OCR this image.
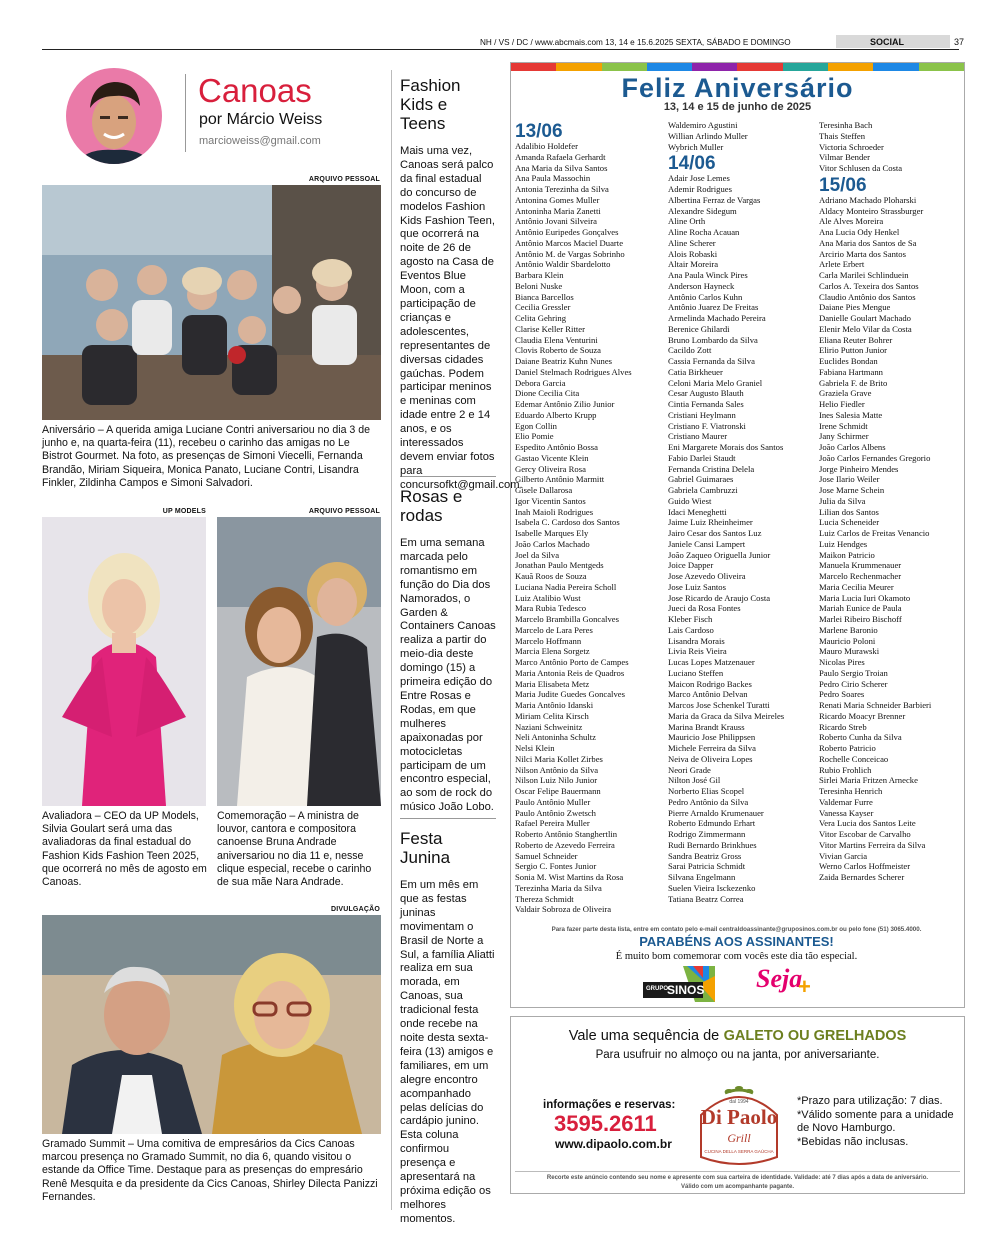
NH / VS / DC / www.abcmais.com 13, 14 e 15.6.2025 SEXTA, SÁBADO E DOMINGO	SOCIAL	37
Canoas
por Márcio Weiss
marcioweiss@gmail.com
ARQUIVO PESSOAL
Aniversário – A querida amiga Luciane Contri aniversariou no dia 3 de junho e, na quarta-feira (11), recebeu o carinho das amigas no Le Bistrot Gourmet. Na foto, as presenças de Simoni Viecelli, Fernanda Brandão, Miriam Siqueira, Monica Panato, Luciane Contri, Lisandra Finkler, Zildinha Campos e Simoni Salvadori.
UP MODELS
Avaliadora – CEO da UP Models, Silvia Goulart será uma das avaliadoras da final estadual do Fashion Kids Fashion Teen 2025, que ocorrerá no mês de agosto em Canoas.
ARQUIVO PESSOAL
Comemoração – A ministra de louvor, cantora e compositora canoense Bruna Andrade aniversariou no dia 11 e, nesse clique especial, recebe o carinho de sua mãe Nara Andrade.
DIVULGAÇÃO
Gramado Summit – Uma comitiva de empresários da Cics Canoas marcou presença no Gramado Summit, no dia 6, quando visitou o estande da Office Time. Destaque para as presenças do empresário Renê Mesquita e da presidente da Cics Canoas, Shirley Dilecta Panizzi Fernandes.
Fashion Kids e Teens
Mais uma vez, Canoas será palco da final estadual do concurso de modelos Fashion Kids Fashion Teen, que ocorrerá na noite de 26 de agosto na Casa de Eventos Blue Moon, com a participação de crianças e adolescentes, representantes de diversas cidades gaúchas. Podem participar meninos e meninas com idade entre 2 e 14 anos, e os interessados devem enviar fotos para concursofkt@gmail.com.
Rosas e rodas
Em uma semana marcada pelo romantismo em função do Dia dos Namorados, o Garden & Containers Canoas realiza a partir do meio-dia deste domingo (15) a primeira edição do Entre Rosas e Rodas, em que mulheres apaixonadas por motocicletas participam de um encontro especial, ao som de rock do músico João Lobo.
Festa Junina
Em um mês em que as festas juninas movimentam o Brasil de Norte a Sul, a família Aliatti realiza em sua morada, em Canoas, sua tradicional festa onde recebe na noite desta sexta-feira (13) amigos e familiares, em um alegre encontro acompanhado pelas delícias do cardápio junino. Esta coluna confirmou presença e apresentará na próxima edição os melhores momentos.
Feliz Aniversário
13, 14 e 15 de junho de 2025
13/06
Adalibio Holdefer
Amanda Rafaela Gerhardt
Ana Maria da Silva Santos
Ana Paula Massochin
Antonia Terezinha da Silva
Antonina Gomes Muller
Antoninha Maria Zanetti
Antônio Jovani Silveira
Antônio Euripedes Gonçalves
Antônio Marcos Maciel Duarte
Antônio M. de Vargas Sobrinho
Antônio Waldir Sbardelotto
Barbara Klein
Beloni Nuske
Bianca Barcellos
Cecilia Gressler
Celita Gehring
Clarise Keller Ritter
Claudia Elena Venturini
Clovis Roberto de Souza
Daiane Beatriz Kuhn Nunes
Daniel Stelmach Rodrigues Alves
Debora Garcia
Dione Cecilia Cita
Edemar Antônio Zilio Junior
Eduardo Alberto Krupp
Egon Collin
Elio Pomie
Espedito Antônio Bossa
Gastao Vicente Klein
Gercy Oliveira Rosa
Gilberto Antônio Marmitt
Gisele Dallarosa
Igor Vicentin Santos
Inah Maioli Rodrigues
Isabela C. Cardoso dos Santos
Isabelle Marques Ely
João Carlos Machado
Joel da Silva
Jonathan Paulo Mentgeds
Kauã Roos de Souza
Luciana Nadia Pereira Scholl
Luiz Atalibio Wust
Mara Rubia Tedesco
Marcelo Brambilla Goncalves
Marcelo de Lara Peres
Marcelo Hoffmann
Marcia Elena Sorgetz
Marco Antônio Porto de Campes
Maria Antonia Reis de Quadros
Maria Elisabeta Metz
Maria Judite Guedes Goncalves
Maria Antônio Idanski
Miriam Celita Kirsch
Naziani Schweinitz
Neli Antoninha Schultz
Nelsi Klein
Nilci Maria Kollet Zirbes
Nilson Antônio da Silva
Nilson Luiz Nilo Junior
Oscar Felipe Bauermann
Paulo Antônio Muller
Paulo Antônio Zwetsch
Rafael Pereira Muller
Roberto Antônio Stanghertlin
Roberto de Azevedo Ferreira
Samuel Schneider
Sergio C. Fontes Junior
Sonia M. Wist Martins da Rosa
Terezinha Maria da Silva
Thereza Schmidt
Valdair Sobroza de Oliveira
Waldemiro Agustini
Willian Arlindo Muller
Wybrich Muller
14/06
Adair Jose Lemes
Ademir Rodrigues
Albertina Ferraz de Vargas
Alexandre Sidegum
Aline Orth
Aline Rocha Acauan
Aline Scherer
Alois Robaski
Altair Moreira
Ana Paula Winck Pires
Anderson Hayneck
Antônio Carlos Kuhn
Antônio Juarez De Freitas
Armelinda Machado Pereira
Berenice Ghilardi
Bruno Lombardo da Silva
Cacildo Zott
Cassia Fernanda da Silva
Catia Birkheuer
Celoni Maria Melo Graniel
Cesar Augusto Blauth
Cintia Fernanda Sales
Cristiani Heylmann
Cristiano F. Viatronski
Cristiano Maurer
Eni Margarete Morais dos Santos
Fabio Darlei Staudt
Fernanda Cristina Delela
Gabriel Guimaraes
Gabriela Cambruzzi
Guido Wiest
Idaci Meneghetti
Jaime Luiz Rheinheimer
Jairo Cesar dos Santos Luz
Janiele Cansi Lampert
João Zaqueo Origuella Junior
Joice Dapper
Jose Azevedo Oliveira
Jose Luiz Santos
Jose Ricardo de Araujo Costa
Jueci da Rosa Fontes
Kleber Fisch
Lais Cardoso
Lisandra Morais
Livia Reis Vieira
Lucas Lopes Matzenauer
Luciano Steffen
Maicon Rodrigo Backes
Marco Antônio Delvan
Marcos Jose Schenkel Turatti
Maria da Graca da Silva Meireles
Marina Brandt Krauss
Mauricio Jose Philippsen
Michele Ferreira da Silva
Neiva de Oliveira Lopes
Neori Grade
Nilton José Gil
Norberto Elias Scopel
Pedro Antônio da Silva
Pierre Arnaldo Krumenauer
Roberto Edmundo Erhart
Rodrigo Zimmermann
Rudi Bernardo Brinkhues
Sandra Beatriz Gross
Sarai Patricia Schmidt
Silvana Engelmann
Suelen Vieira Isckezenko
Tatiana Beatrz Correa
Teresinha Bach
Thais Steffen
Victoria Schroeder
Vilmar Bender
Vitor Schlusen da Costa
15/06
Adriano Machado Ploharski
Aldacy Monteiro Strassburger
Ale Alves Moreira
Ana Lucia Ody Henkel
Ana Maria dos Santos de Sa
Arcirio Marta dos Santos
Arlete Erbert
Carla Marilei Schlinduein
Carlos A. Texeira dos Santos
Claudio Antônio dos Santos
Daiane Pies Mengue
Danielle Goulart Machado
Elenir Melo Vilar da Costa
Eliana Reuter Bohrer
Elirio Putton Junior
Euclides Bondan
Fabiana Hartmann
Gabriela F. de Brito
Graziela Grave
Helio Fiedler
Ines Salesia Matte
Irene Schmidt
Jany Schirmer
João Carlos Albens
João Carlos Fernandes Gregorio
Jorge Pinheiro Mendes
Jose Ilario Weiler
Jose Marne Schein
Julia da Silva
Lilian dos Santos
Lucia Scheneider
Luiz Carlos de Freitas Venancio
Luiz Hendges
Maikon Patricio
Manuela Krummenauer
Marcelo Rechenmacher
Maria Cecilia Meurer
Maria Lucia Iuri Okamoto
Mariah Eunice de Paula
Marlei Ribeiro Bischoff
Marlene Baronio
Mauricio Poloni
Mauro Murawski
Nicolas Pires
Paulo Sergio Troian
Pedro Cirio Scherer
Pedro Soares
Renati Maria Schneider Barbieri
Ricardo Moacyr Brenner
Ricardo Streb
Roberto Cunha da Silva
Roberto Patricio
Rochelle Conceicao
Rubio Frohlich
Sirlei Maria Fritzen Arnecke
Teresinha Henrich
Valdemar Furre
Vanessa Kayser
Vera Lucia dos Santos Leite
Vitor Escobar de Carvalho
Vitor Martins Ferreira da Silva
Vivian Garcia
Werno Carlos Hoffmeister
Zaida Bernardes Scherer
Para fazer parte desta lista, entre em contato pelo e-mail centraldoassinante@gruposinos.com.br ou pelo fone (51) 3065.4000.
PARABÉNS AOS ASSINANTES!
É muito bom comemorar com vocês este dia tão especial.
GRUPO
SINOS Seja
+
Vale uma sequência de GALETO OU GRELHADOS
Para usufruir no almoço ou na janta, por aniversariante.
informações e reservas:
3595.2611
www.dipaolo.com.br
dal 1994
Di Paolo
Grill
CUCINA DELLA SERRA GAÚCHA
*Prazo para utilização: 7 dias.
*Válido somente para a unidade de Novo Hamburgo.
*Bebidas não inclusas.
Recorte este anúncio contendo seu nome e apresente com sua carteira de identidade. Validade: até 7 dias após a data de aniversário.
Válido com um acompanhante pagante.
